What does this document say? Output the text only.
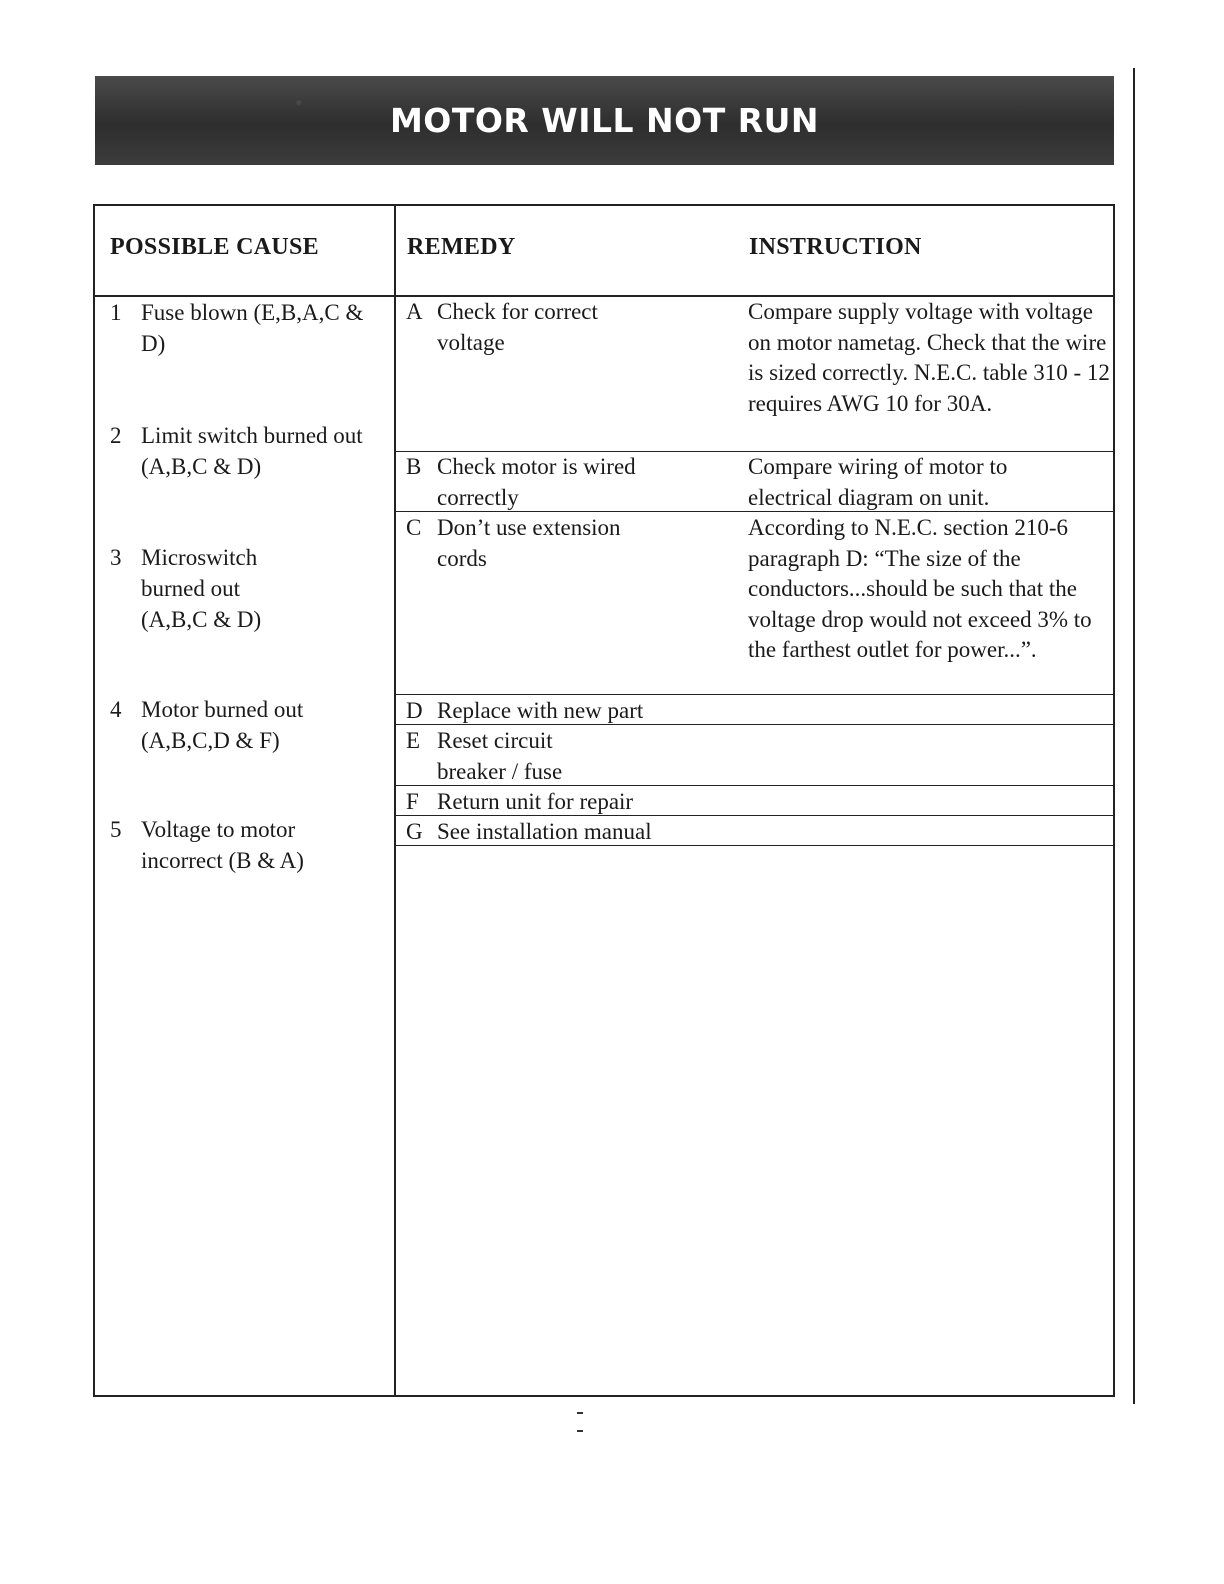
MOTOR WILL NOT RUN
POSSIBLE CAUSE	REMEDY	INSTRUCTION
1 Fuse blown (E,B,A,C & D)
2 Limit switch burned out (A,B,C & D)
3 Microswitch burned out (A,B,C & D)
4 Motor burned out (A,B,C,D & F)
5 Voltage to motor incorrect (B & A)
A Check for correct voltage
Compare supply voltage with voltage on motor nametag. Check that the wire is sized correctly. N.E.C. table 310 - 12 requires AWG 10 for 30A.
B Check motor is wired correctly
Compare wiring of motor to electrical diagram on unit.
C Don’t use extension cords
According to N.E.C. section 210-6 paragraph D: “The size of the conductors...should be such that the voltage drop would not exceed 3% to the farthest outlet for power...”.
D Replace with new part
E Reset circuit breaker / fuse
F Return unit for repair
G See installation manual
